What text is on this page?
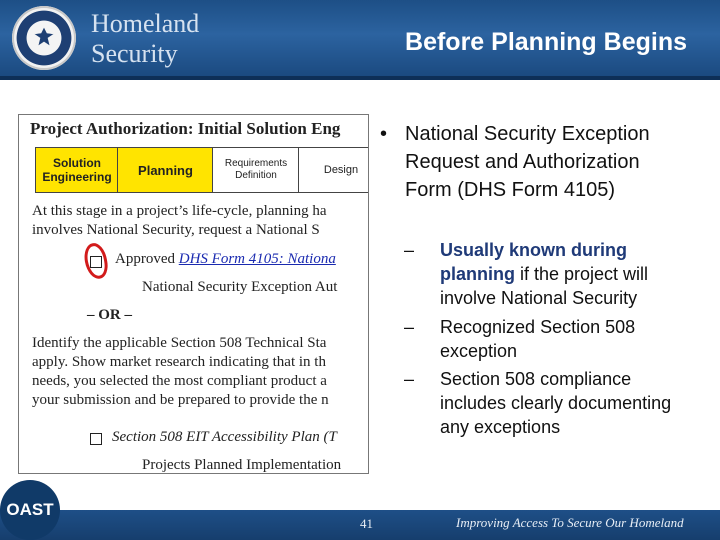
Homeland
Security	Before Planning Begins
Project Authorization: Initial Solution Eng
Solution Engineering	Planning	Requirements Definition	Design
At this stage in a project’s life-cycle, planning ha
involves National Security, request a National S
Approved DHS Form 4105: Nationa
National Security Exception Aut
– OR –
Identify the applicable Section 508 Technical Sta
apply. Show market research indicating that in th
needs, you selected the most compliant product a
your submission and be prepared to provide the n
Section 508 EIT Accessibility Plan (T
Projects Planned Implementation
• National Security Exception Request and Authorization Form (DHS Form 4105)
– Usually known during planning if the project will involve National Security
– Recognized Section 508 exception
– Section 508 compliance includes clearly documenting any exceptions
OAST
41	Improving Access To Secure Our Homeland
